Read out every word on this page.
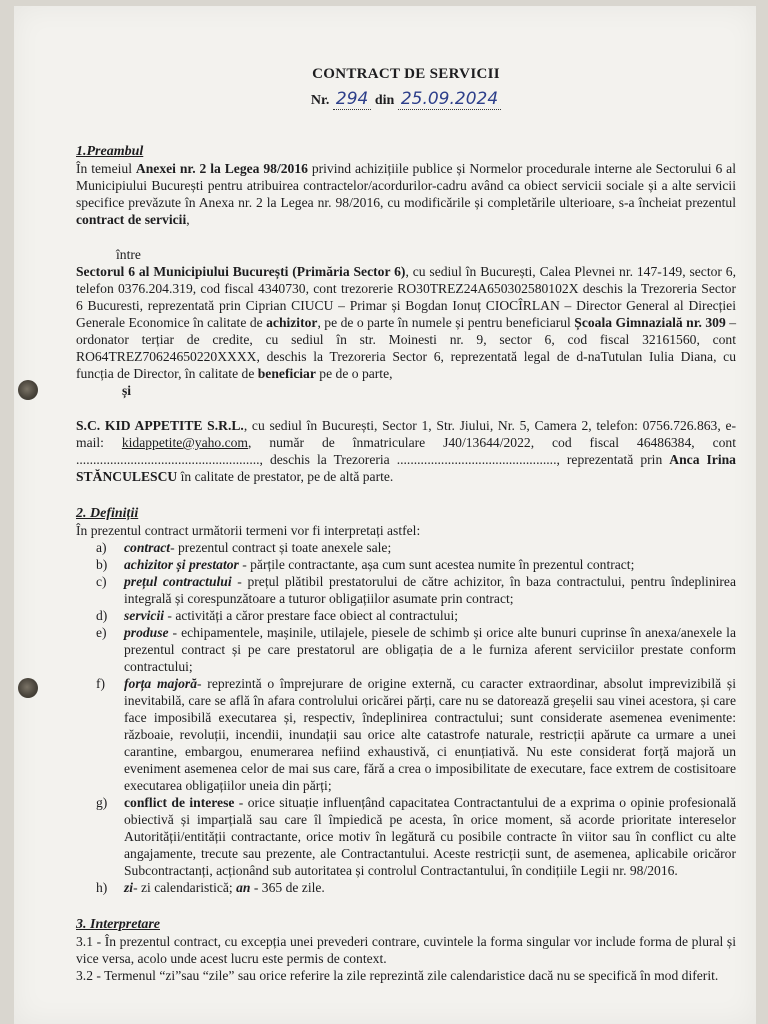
CONTRACT DE SERVICII
Nr. 294 din 25.09.2024
1.Preambul

În temeiul Anexei nr. 2 la Legea 98/2016 privind achizițiile publice și Normelor procedurale interne ale Sectorului 6 al Municipiului București pentru atribuirea contractelor/acordurilor-cadru având ca obiect servicii sociale și a alte servicii specifice prevăzute în Anexa nr. 2 la Legea nr. 98/2016, cu modificările și completările ulterioare, s-a încheiat prezentul contract de servicii,

între

Sectorul 6 al Municipiului București (Primăria Sector 6), cu sediul în București, Calea Plevnei nr. 147-149, sector 6, telefon 0376.204.319, cod fiscal 4340730, cont trezorerie RO30TREZ24A650302580102X deschis la Trezoreria Sector 6 Bucuresti, reprezentată prin Ciprian CIUCU – Primar și Bogdan Ionuț CIOCÎRLAN – Director General al Direcției Generale Economice în calitate de achizitor, pe de o parte în numele și pentru beneficiarul Școala Gimnazială nr. 309 – ordonator terțiar de credite, cu sediul în str. Moinesti nr. 9, sector 6, cod fiscal 32161560, cont RO64TREZ70624650220XXXX, deschis la Trezoreria Sector 6, reprezentată legal de d-naTutulan Iulia Diana, cu funcția de Director, în calitate de beneficiar pe de o parte,

și

S.C. KID APPETITE S.R.L., cu sediul în București, Sector 1, Str. Jiului, Nr. 5, Camera 2, telefon: 0756.726.863, e-mail: kidappetite@yaho.com, număr de înmatriculare J40/13644/2022, cod fiscal 46486384, cont ......................................................, deschis la Trezoreria ..............................................., reprezentată prin Anca Irina STĂNCULESCU în calitate de prestator, pe de altă parte.

2. Definiții

În prezentul contract următorii termeni vor fi interpretați astfel:

a) contract- prezentul contract și toate anexele sale;
b) achizitor și prestator - părțile contractante, așa cum sunt acestea numite în prezentul contract;
c) prețul contractului - prețul plătibil prestatorului de către achizitor, în baza contractului, pentru îndeplinirea integrală și corespunzătoare a tuturor obligațiilor asumate prin contract;
d) servicii - activități a căror prestare face obiect al contractului;
e) produse - echipamentele, mașinile, utilajele, piesele de schimb și orice alte bunuri cuprinse în anexa/anexele la prezentul contract și pe care prestatorul are obligația de a le furniza aferent serviciilor prestate conform contractului;
f) forța majoră- reprezintă o împrejurare de origine externă, cu caracter extraordinar, absolut imprevizibilă și inevitabilă, care se află în afara controlului oricărei părți, care nu se datorează greșelii sau vinei acestora, și care face imposibilă executarea și, respectiv, îndeplinirea contractului; sunt considerate asemenea evenimente: războaie, revoluții, incendii, inundații sau orice alte catastrofe naturale, restricții apărute ca urmare a unei carantine, embargou, enumerarea nefiind exhaustivă, ci enunțiativă. Nu este considerat forță majoră un eveniment asemenea celor de mai sus care, fără a crea o imposibilitate de executare, face extrem de costisitoare executarea obligațiilor uneia din părți;
g) conflict de interese - orice situație influențând capacitatea Contractantului de a exprima o opinie profesională obiectivă și imparțială sau care îl împiedică pe acesta, în orice moment, să acorde prioritate intereselor Autorității/entității contractante, orice motiv în legătură cu posibile contracte în viitor sau în conflict cu alte angajamente, trecute sau prezente, ale Contractantului. Aceste restricții sunt, de asemenea, aplicabile oricăror Subcontractanți, acționând sub autoritatea și controlul Contractantului, în condițiile Legii nr. 98/2016.
h) zi- zi calendaristică; an - 365 de zile.
3. Interpretare

3.1 - În prezentul contract, cu excepția unei prevederi contrare, cuvintele la forma singular vor include forma de plural și vice versa, acolo unde acest lucru este permis de context.

3.2 - Termenul “zi”sau “zile” sau orice referire la zile reprezintă zile calendaristice dacă nu se specifică în mod diferit.
